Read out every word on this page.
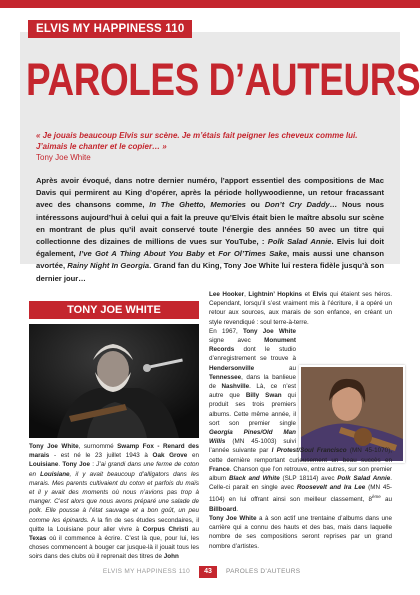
ELVIS MY HAPPINESS 110
PAROLES D’AUTEURS
« Je jouais beaucoup Elvis sur scène. Je m’étais fait peigner les cheveux comme lui.
J’aimais le chanter et le copier… »
Tony Joe White
Après avoir évoqué, dans notre dernier numéro, l’apport essentiel des compositions de Mac Davis qui permirent au King d’opérer, après la période hollywoodienne, un retour fracassant avec des chansons comme, In The Ghetto, Memories ou Don’t Cry Daddy… Nous nous intéressons aujourd’hui à celui qui a fait la preuve qu’Elvis était bien le maître absolu sur scène en montrant de plus qu’il avait conservé toute l’énergie des années 50 avec un titre qui collectionne des dizaines de millions de vues sur YouTube, : Polk Salad Annie. Elvis lui doit également, I’ve Got A Thing About You Baby et For Ol’Times Sake, mais aussi une chanson avortée, Rainy Night In Georgia. Grand fan du King, Tony Joe White lui restera fidèle jusqu’à son dernier jour…
TONY JOE WHITE
Tony Joe White, surnommé Swamp Fox - Renard des marais - est né le 23 juillet 1943 à Oak Grove en Louisiane. Tony Joe : J’ai grandi dans une ferme de coton en Louisiane, il y avait beaucoup d’alligators dans les marais. Mes parents cultivaient du coton et parfois du maïs et il y avait des moments où nous n’avions pas trop à manger. C’est alors que nous avons préparé une salade de polk. Elle pousse à l’état sauvage et a bon goût, un peu comme les épinards. A la fin de ses études secondaires, il quitte la Louisiane pour aller vivre à Corpus Christi au Texas où il commence à écrire. C’est là que, pour lui, les choses commencent à bouger car jusque-là il jouait tous les soirs dans des clubs où il reprenait des titres de John
Lee Hooker, Lightnin’ Hopkins et Elvis qui étaient ses héros. Cependant, lorsqu’il s’est vraiment mis à l’écriture, il a opéré un retour aux sources, aux marais de son enfance, en créant un style revendiqué : soul terre-à-terre.
En 1967, Tony Joe White signe avec Monument Records dont le studio d’enregistrement se trouve à Hendersonville au Tennessee, dans la banlieue de Nashville. Là, ce n’est autre que Billy Swan qui produit ses trois premiers albums. Cette même année, il sort son premier single Georgia Pines/Old Man Willis (MN 45-1003) suivi l’année suivante par I Protest/Soul Francisco (MN 45-1070), cette dernière remportant curieusement un beau succès en France. Chanson que l’on retrouve, entre autres, sur son premier album Black and White (SLP 18114) avec Polk Salad Annie. Celle-ci parait en single avec Roosevelt and Ira Lee (MN 45-1104) en lui offrant ainsi son meilleur classement, 8ème au Billboard.
Tony Joe White a à son actif une trentaine d’albums dans une carrière qui a connu des hauts et des bas, mais dans laquelle nombre de ses compositions seront reprises par un grand nombre d’artistes.
ELVIS MY HAPPINESS 110	43	PAROLES D’AUTEURS
